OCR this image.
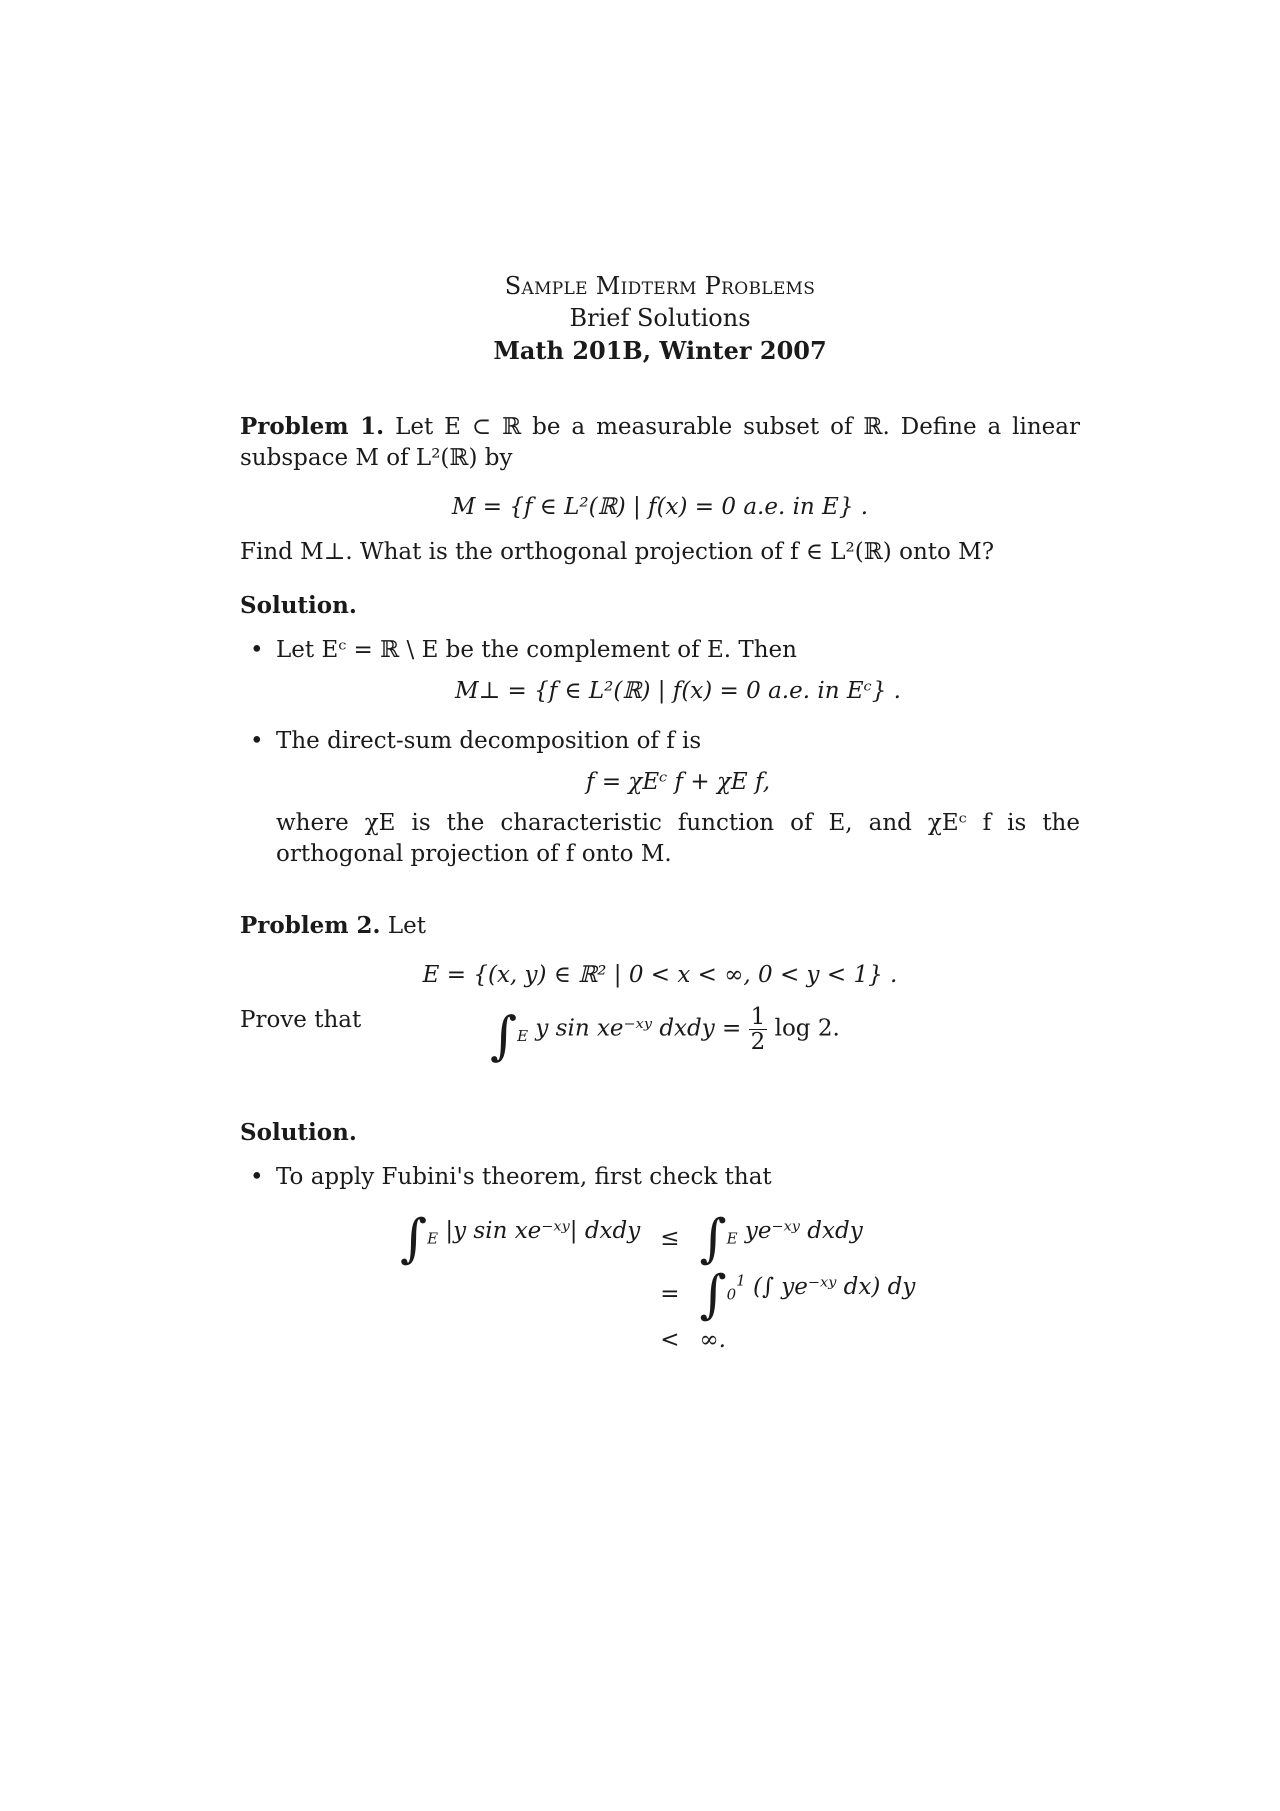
Sample Midterm Problems
Brief Solutions
Math 201B, Winter 2007

Problem 1. Let E ⊂ ℝ be a measurable subset of ℝ. Define a linear subspace M of L²(ℝ) by

M = {f ∈ L²(ℝ) | f(x) = 0 a.e. in E} .

Find M⊥. What is the orthogonal projection of f ∈ L²(ℝ) onto M?

Solution.
• Let Eᶜ = ℝ \ E be the complement of E. Then
M⊥ = {f ∈ L²(ℝ) | f(x) = 0 a.e. in Eᶜ} .
• The direct-sum decomposition of f is
f = χEᶜ f + χE f,

where χE is the characteristic function of E, and χEᶜ f is the orthogonal projection of f onto M.

Problem 2. Let

E = {(x, y) ∈ ℝ² | 0 < x < ∞, 0 < y < 1} .
Prove that $\int_E$ y sin xe⁻ˣʸ dxdy = $\frac{1}{2}$ log 2.
Solution.
• To apply Fubini's theorem, first check that
$\int_E$ |y sin xe⁻ˣʸ| dxdy	≤	$\int_E$ ye⁻ˣʸ dxdy
	=	$\int_0^1$ (∫ ye⁻ˣʸ dx) dy
	<	∞.
